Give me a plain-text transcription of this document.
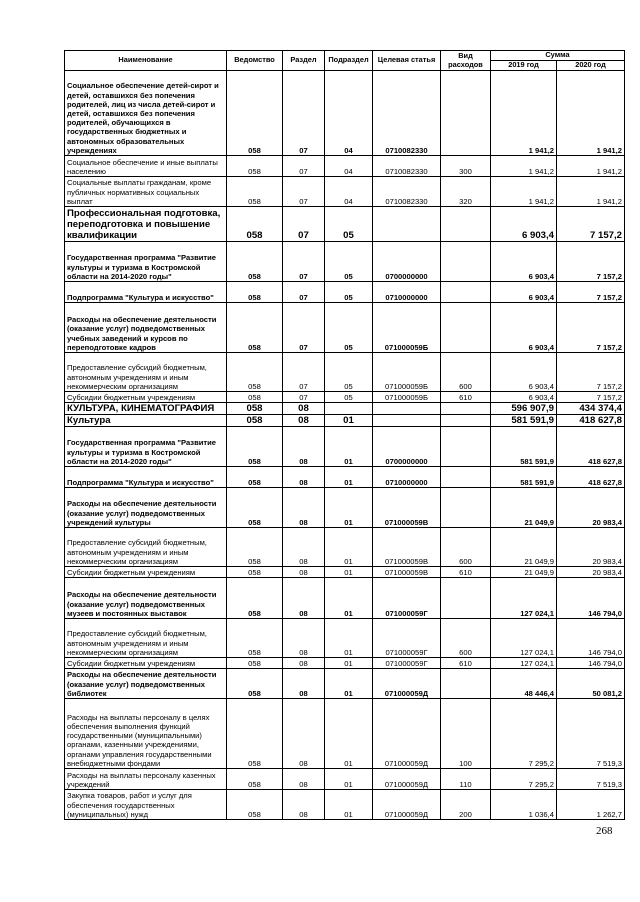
Наименование	Ведомство	Раздел	Подраздел	Целевая статья	Вид расходов	Сумма	
						2019 год	2020 год
Социальное обеспечение детей-сирот и детей, оставшихся без попечения родителей, лиц из числа детей-сирот и детей, оставшихся без попечения родителей, обучающихся в государственных бюджетных и автономных образовательных учреждениях	058	07	04	0710082330		1 941,2	1 941,2
Социальное обеспечение и иные выплаты населению	058	07	04	0710082330	300	1 941,2	1 941,2
Социальные выплаты гражданам, кроме публичных нормативных социальных выплат	058	07	04	0710082330	320	1 941,2	1 941,2
Профессиональная подготовка, переподготовка и повышение квалификации	058	07	05			6 903,4	7 157,2
Государственная программа "Развитие культуры и туризма в Костромской области на 2014-2020 годы"	058	07	05	0700000000		6 903,4	7 157,2
Подпрограмма "Культура и искусство"	058	07	05	0710000000		6 903,4	7 157,2
Расходы на обеспечение деятельности (оказание услуг) подведомственных учебных заведений и курсов по переподготовке кадров	058	07	05	071000059Б		6 903,4	7 157,2
Предоставление субсидий бюджетным, автономным учреждениям и иным некоммерческим организациям	058	07	05	071000059Б	600	6 903,4	7 157,2
Субсидии бюджетным учреждениям	058	07	05	071000059Б	610	6 903,4	7 157,2
КУЛЬТУРА, КИНЕМАТОГРАФИЯ	058	08				596 907,9	434 374,4
Культура	058	08	01			581 591,9	418 627,8
Государственная программа "Развитие культуры и туризма в Костромской области на 2014-2020 годы"	058	08	01	0700000000		581 591,9	418 627,8
Подпрограмма "Культура и искусство"	058	08	01	0710000000		581 591,9	418 627,8
Расходы на обеспечение деятельности (оказание услуг) подведомственных учреждений культуры	058	08	01	071000059В		21 049,9	20 983,4
Предоставление субсидий бюджетным, автономным учреждениям и иным некоммерческим организациям	058	08	01	071000059В	600	21 049,9	20 983,4
Субсидии бюджетным учреждениям	058	08	01	071000059В	610	21 049,9	20 983,4
Расходы на обеспечение деятельности (оказание услуг) подведомственных музеев и постоянных выставок	058	08	01	071000059Г		127 024,1	146 794,0
Предоставление субсидий бюджетным, автономным учреждениям и иным некоммерческим организациям	058	08	01	071000059Г	600	127 024,1	146 794,0
Субсидии бюджетным учреждениям	058	08	01	071000059Г	610	127 024,1	146 794,0
Расходы на обеспечение деятельности (оказание услуг) подведомственных библиотек	058	08	01	071000059Д		48 446,4	50 081,2
Расходы на выплаты персоналу в целях обеспечения выполнения функций государственными (муниципальными) органами, казенными учреждениями, органами управления государственными внебюджетными фондами	058	08	01	071000059Д	100	7 295,2	7 519,3
Расходы на выплаты персоналу казенных учреждений	058	08	01	071000059Д	110	7 295,2	7 519,3
Закупка товаров, работ и услуг для обеспечения государственных (муниципальных) нужд	058	08	01	071000059Д	200	1 036,4	1 262,7
268
